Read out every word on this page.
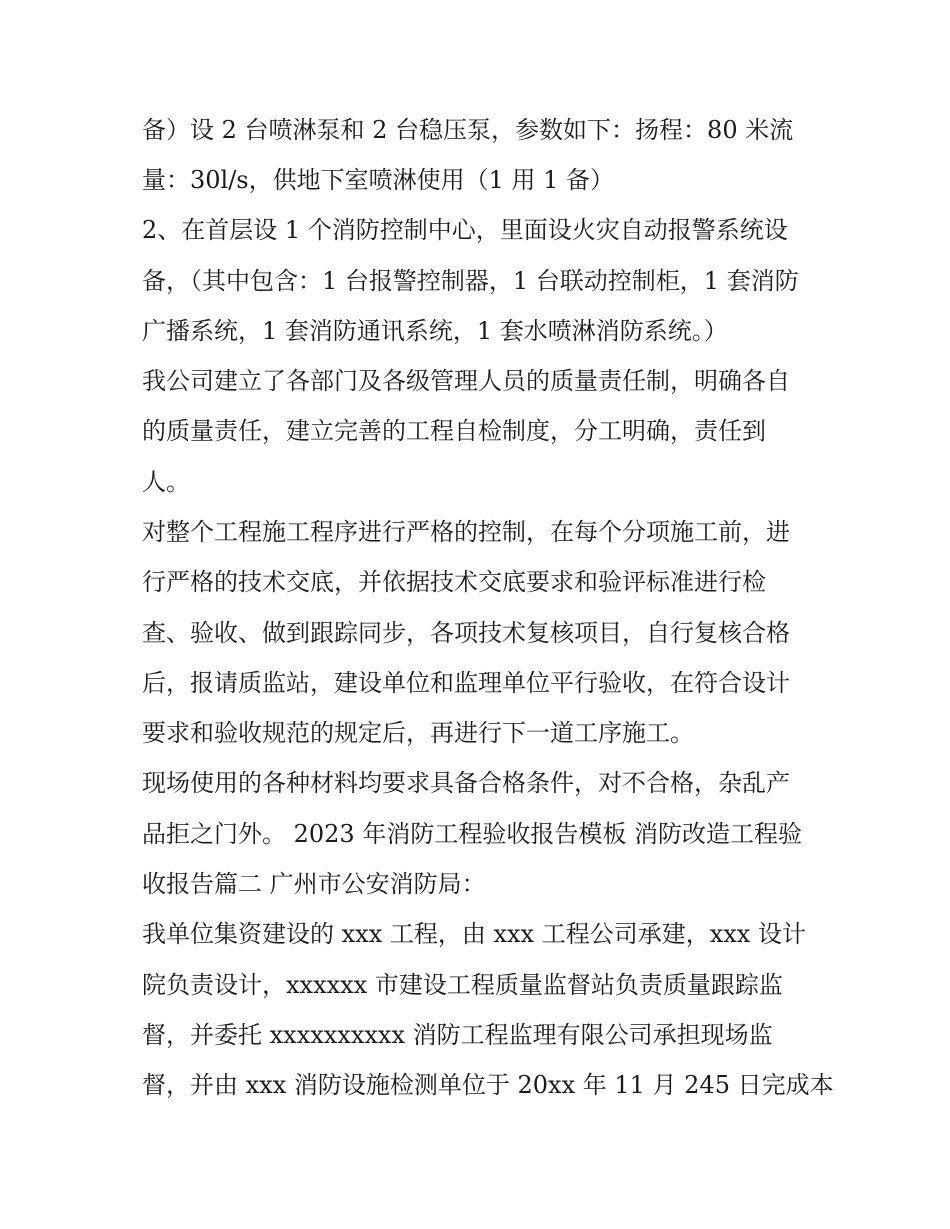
备）设 2 台喷淋泵和 2 台稳压泵，参数如下：扬程：80 米流
量：30l/s，供地下室喷淋使用（1 用 1 备）
2、在首层设 1 个消防控制中心，里面设火灾自动报警系统设
备，（其中包含：1 台报警控制器，1 台联动控制柜，1 套消防
广播系统，1 套消防通讯系统，1 套水喷淋消防系统。）
我公司建立了各部门及各级管理人员的质量责任制，明确各自
的质量责任，建立完善的工程自检制度，分工明确，责任到
人。
对整个工程施工程序进行严格的控制，在每个分项施工前，进
行严格的技术交底，并依据技术交底要求和验评标准进行检
查、验收、做到跟踪同步，各项技术复核项目，自行复核合格
后，报请质监站，建设单位和监理单位平行验收，在符合设计
要求和验收规范的规定后，再进行下一道工序施工。
现场使用的各种材料均要求具备合格条件，对不合格，杂乱产
品拒之门外。 2023 年消防工程验收报告模板 消防改造工程验
收报告篇二 广州市公安消防局：
我单位集资建设的 xxx 工程，由 xxx 工程公司承建，xxx 设计
院负责设计，xxxxxx 市建设工程质量监督站负责质量跟踪监
督，并委托 xxxxxxxxxx 消防工程监理有限公司承担现场监
督，并由 xxx 消防设施检测单位于 20xx 年 11 月 245 日完成本
